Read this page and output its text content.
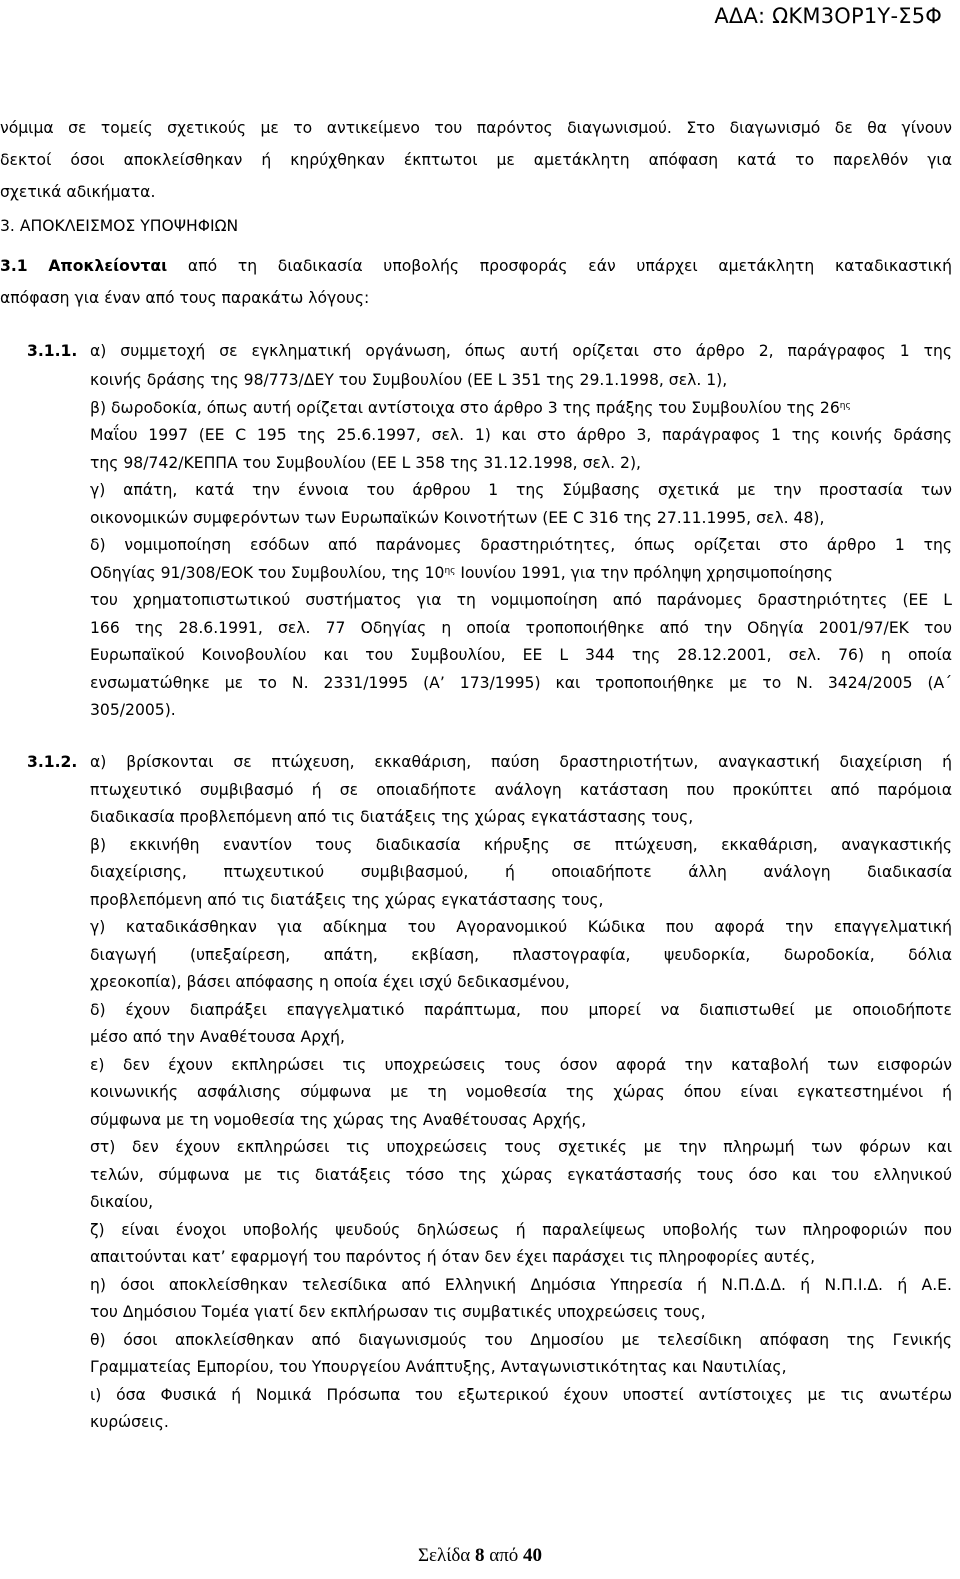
ΑΔΑ: ΩΚΜ3ΟΡ1Υ-Σ5Φ
νόμιμα σε τομείς σχετικούς με το αντικείμενο του παρόντος διαγωνισμού. Στο διαγωνισμό δε θα γίνουν
δεκτοί όσοι αποκλείσθηκαν ή κηρύχθηκαν έκπτωτοι με αμετάκλητη απόφαση κατά το παρελθόν για
σχετικά αδικήματα.
3. ΑΠΟΚΛΕΙΣΜΟΣ ΥΠΟΨΗΦΙΩΝ
3.1 Αποκλείονται από τη διαδικασία υποβολής προσφοράς εάν υπάρχει αμετάκλητη καταδικαστική
απόφαση για έναν από τους παρακάτω λόγους:
3.1.1. α) συμμετοχή σε εγκληματική οργάνωση, όπως αυτή ορίζεται στο άρθρο 2, παράγραφος 1 της
κοινής δράσης της 98/773/ΔΕΥ του Συμβουλίου (ΕΕ L 351 της 29.1.1998, σελ. 1),
β) δωροδοκία, όπως αυτή ορίζεται αντίστοιχα στο άρθρο 3 της πράξης του Συμβουλίου της $26^{\eta\varsigma}$
Μαΐου 1997 (ΕΕ C 195 της 25.6.1997, σελ. 1) και στο άρθρο 3, παράγραφος 1 της κοινής δράσης
της 98/742/ΚΕΠΠΑ του Συμβουλίου (ΕΕ L 358 της 31.12.1998, σελ. 2),
γ) απάτη, κατά την έννοια του άρθρου 1 της Σύμβασης σχετικά με την προστασία των
οικονομικών συμφερόντων των Ευρωπαϊκών Κοινοτήτων (ΕΕ C 316 της 27.11.1995, σελ. 48),
δ) νομιμοποίηση εσόδων από παράνομες δραστηριότητες, όπως ορίζεται στο άρθρο 1 της
Οδηγίας 91/308/ΕΟΚ του Συμβουλίου, της $10^{\eta\varsigma}$ Ιουνίου 1991, για την πρόληψη χρησιμοποίησης
του χρηματοπιστωτικού συστήματος για τη νομιμοποίηση από παράνομες δραστηριότητες (ΕΕ L
166 της 28.6.1991, σελ. 77 Οδηγίας η οποία τροποποιήθηκε από την Οδηγία 2001/97/ΕΚ του
Ευρωπαϊκού Κοινοβουλίου και του Συμβουλίου, ΕΕ L 344 της 28.12.2001, σελ. 76) η οποία
ενσωματώθηκε με το Ν. 2331/1995 (Α’ 173/1995) και τροποποιήθηκε με το Ν. 3424/2005 (Α΄
305/2005).
3.1.2. α) βρίσκονται σε πτώχευση, εκκαθάριση, παύση δραστηριοτήτων, αναγκαστική διαχείριση ή
πτωχευτικό συμβιβασμό ή σε οποιαδήποτε ανάλογη κατάσταση που προκύπτει από παρόμοια
διαδικασία προβλεπόμενη από τις διατάξεις της χώρας εγκατάστασης τους,
β) εκκινήθη εναντίον τους διαδικασία κήρυξης σε πτώχευση, εκκαθάριση, αναγκαστικής
διαχείρισης, πτωχευτικού συμβιβασμού, ή οποιαδήποτε άλλη ανάλογη διαδικασία
προβλεπόμενη από τις διατάξεις της χώρας εγκατάστασης τους,
γ) καταδικάσθηκαν για αδίκημα του Αγορανομικού Κώδικα που αφορά την επαγγελματική
διαγωγή (υπεξαίρεση, απάτη, εκβίαση, πλαστογραφία, ψευδορκία, δωροδοκία, δόλια
χρεοκοπία), βάσει απόφασης η οποία έχει ισχύ δεδικασμένου,
δ) έχουν διαπράξει επαγγελματικό παράπτωμα, που μπορεί να διαπιστωθεί με οποιοδήποτε
μέσο από την Αναθέτουσα Αρχή,
ε) δεν έχουν εκπληρώσει τις υποχρεώσεις τους όσον αφορά την καταβολή των εισφορών
κοινωνικής ασφάλισης σύμφωνα με τη νομοθεσία της χώρας όπου είναι εγκατεστημένοι ή
σύμφωνα με τη νομοθεσία της χώρας της Αναθέτουσας Αρχής,
στ) δεν έχουν εκπληρώσει τις υποχρεώσεις τους σχετικές με την πληρωμή των φόρων και
τελών, σύμφωνα με τις διατάξεις τόσο της χώρας εγκατάστασής τους όσο και του ελληνικού
δικαίου,
ζ) είναι ένοχοι υποβολής ψευδούς δηλώσεως ή παραλείψεως υποβολής των πληροφοριών που
απαιτούνται κατ’ εφαρμογή του παρόντος ή όταν δεν έχει παράσχει τις πληροφορίες αυτές,
η) όσοι αποκλείσθηκαν τελεσίδικα από Ελληνική Δημόσια Υπηρεσία ή Ν.Π.Δ.Δ. ή Ν.Π.Ι.Δ. ή Α.Ε.
του Δημόσιου Τομέα γιατί δεν εκπλήρωσαν τις συμβατικές υποχρεώσεις τους,
θ) όσοι αποκλείσθηκαν από διαγωνισμούς του Δημοσίου με τελεσίδικη απόφαση της Γενικής
Γραμματείας Εμπορίου, του Υπουργείου Ανάπτυξης, Ανταγωνιστικότητας και Ναυτιλίας,
ι) όσα Φυσικά ή Νομικά Πρόσωπα του εξωτερικού έχουν υποστεί αντίστοιχες με τις ανωτέρω
κυρώσεις.
Σελίδα 8 από 40
